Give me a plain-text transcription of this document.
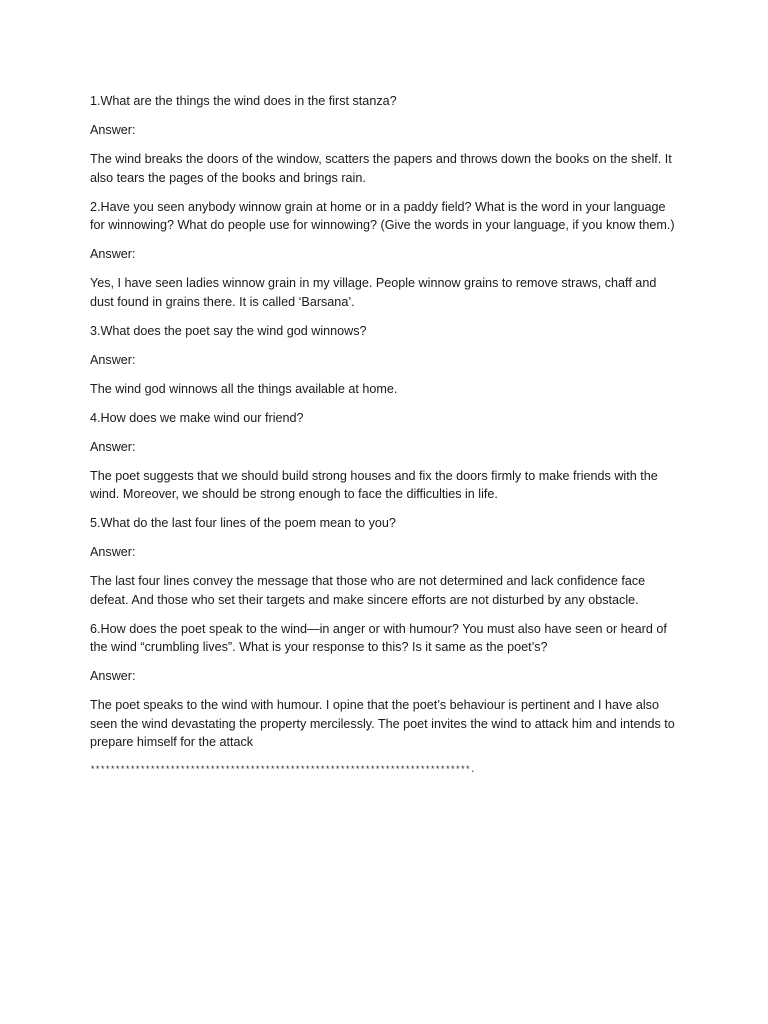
1.What are the things the wind does in the first stanza?

Answer:

The wind breaks the doors of the window, scatters the papers and throws down the books on the shelf. It also tears the pages of the books and brings rain.

2.Have you seen anybody winnow grain at home or in a paddy field? What is the word in your language for winnowing? What do people use for winnowing? (Give the words in your language, if you know them.)

Answer:

Yes, I have seen ladies winnow grain in my village. People winnow grains to remove straws, chaff and dust found in grains there. It is called ‘Barsana’.

3.What does the poet say the wind god winnows?

Answer:

The wind god winnows all the things available at home.

4.How does we make wind our friend?

Answer:

The poet suggests that we should build strong houses and fix the doors firmly to make friends with the wind. Moreover, we should be strong enough to face the difficulties in life.

5.What do the last four lines of the poem mean to you?

Answer:

The last four lines convey the message that those who are not determined and lack confidence face defeat. And those who set their targets and make sincere efforts are not disturbed by any obstacle.

6.How does the poet speak to the wind—in anger or with humour? You must also have seen or heard of the wind “crumbling lives”. What is your response to this? Is it same as the poet’s?

Answer:

The poet speaks to the wind with humour. I opine that the poet’s behaviour is pertinent and I have also seen the wind devastating the property mercilessly. The poet invites the wind to attack him and intends to prepare himself for the attack

****************************************************************************.
